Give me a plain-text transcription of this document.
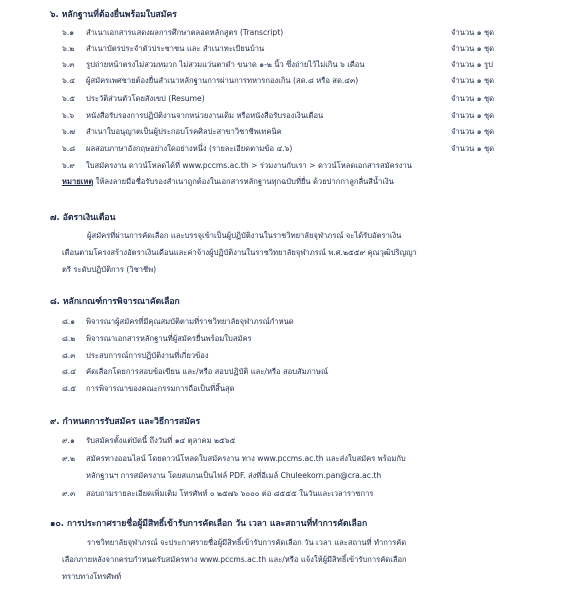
๖. หลักฐานที่ต้องยื่นพร้อมใบสมัคร
๖.๑ สำเนาเอกสารแสดงผลการศึกษาตลอดหลักสูตร (Transcript)	จำนวน ๑ ชุด
๖.๒ สำเนาบัตรประจำตัวประชาชน และ สำเนาทะเบียนบ้าน	จำนวน ๑ ชุด
๖.๓ รูปถ่ายหน้าตรงไม่สวมหมวก ไม่สวมแว่นตาดำ ขนาด ๑-๒ นิ้ว ซึ่งถ่ายไว้ไม่เกิน ๖ เดือน	จำนวน ๑ รูป
๖.๔ ผู้สมัครเพศชายต้องยื่นสำเนาหลักฐานการผ่านการทหารกองเกิน (สด.๘ หรือ สด.๔๓)	จำนวน ๑ ชุด
๖.๕ ประวัติส่วนตัวโดยสังเขป (Resume)	จำนวน ๑ ชุด
๖.๖ หนังสือรับรองการปฏิบัติงานจากหน่วยงานเดิม หรือหนังสือรับรองเงินเดือน	จำนวน ๑ ชุด
๖.๗ สำเนาใบอนุญาตเป็นผู้ประกอบโรคศิลปะสาขาวิชาชีพเทคนิค	จำนวน ๑ ชุด
๖.๘ ผลสอบภาษาอังกฤษอย่างใดอย่างหนึ่ง (รายละเอียดตามข้อ ๔.๖)	จำนวน ๑ ชุด
๖.๙ ใบสมัครงาน ดาวน์โหลดได้ที่ www.pccms.ac.th > ร่วมงานกับเรา > ดาวน์โหลดเอกสารสมัครงาน
หมายเหตุ ให้ลงลายมือชื่อรับรองสำเนาถูกต้องในเอกสารหลักฐานทุกฉบับที่ยื่น ด้วยปากกาลูกลื่นสีน้ำเงิน
๗. อัตราเงินเดือน
ผู้สมัครที่ผ่านการคัดเลือก และบรรจุเข้าเป็นผู้ปฏิบัติงานในราชวิทยาลัยจุฬาภรณ์ จะได้รับอัตราเงิน
เดือนตามโครงสร้างอัตราเงินเดือนและค่าจ้างผู้ปฏิบัติงานในราชวิทยาลัยจุฬาภรณ์ พ.ศ.๒๕๕๙ คุณวุฒิปริญญา
ตรี ระดับปฏิบัติการ (วิชาชีพ)
๘. หลักเกณฑ์การพิจารณาคัดเลือก
๘.๑ พิจารณาผู้สมัครที่มีคุณสมบัติตามที่ราชวิทยาลัยจุฬาภรณ์กำหนด
๘.๒ พิจารณาเอกสารหลักฐานที่ผู้สมัครยื่นพร้อมใบสมัคร
๘.๓ ประสบการณ์การปฏิบัติงานที่เกี่ยวข้อง
๘.๔ คัดเลือกโดยการสอบข้อเขียน และ/หรือ สอบปฏิบัติ และ/หรือ สอบสัมภาษณ์
๘.๕ การพิจารณาของคณะกรรมการถือเป็นที่สิ้นสุด
๙. กำหนดการรับสมัคร และวิธีการสมัคร
๙.๑ รับสมัครตั้งแต่บัดนี้ ถึงวันที่ ๑๔ ตุลาคม ๒๕๖๕
๙.๒ สมัครทางออนไลน์ โดยดาวน์โหลดใบสมัครงาน ทาง www.pccms.ac.th และส่งใบสมัคร พร้อมกับ
หลักฐานฯ การสมัครงาน โดยสแกนเป็นไฟล์ PDF. ส่งที่อีเมล์ Chuleekorn.pan@cra.ac.th
๙.๓ สอบถามรายละเอียดเพิ่มเติม โทรศัพท์ ๐ ๒๕๗๖ ๖๐๐๐ ต่อ ๘๕๕๕ ในวันและเวลาราชการ
๑๐. การประกาศรายชื่อผู้มีสิทธิ์เข้ารับการคัดเลือก วัน เวลา และสถานที่ทำการคัดเลือก
ราชวิทยาลัยจุฬาภรณ์ จะประกาศรายชื่อผู้มีสิทธิ์เข้ารับการคัดเลือก วัน เวลา และสถานที่ ทำการคัด
เลือกภายหลังจากครบกำหนดรับสมัครทาง www.pccms.ac.th และ/หรือ แจ้งให้ผู้มีสิทธิ์เข้ารับการคัดเลือก
ทราบทางโทรศัพท์
